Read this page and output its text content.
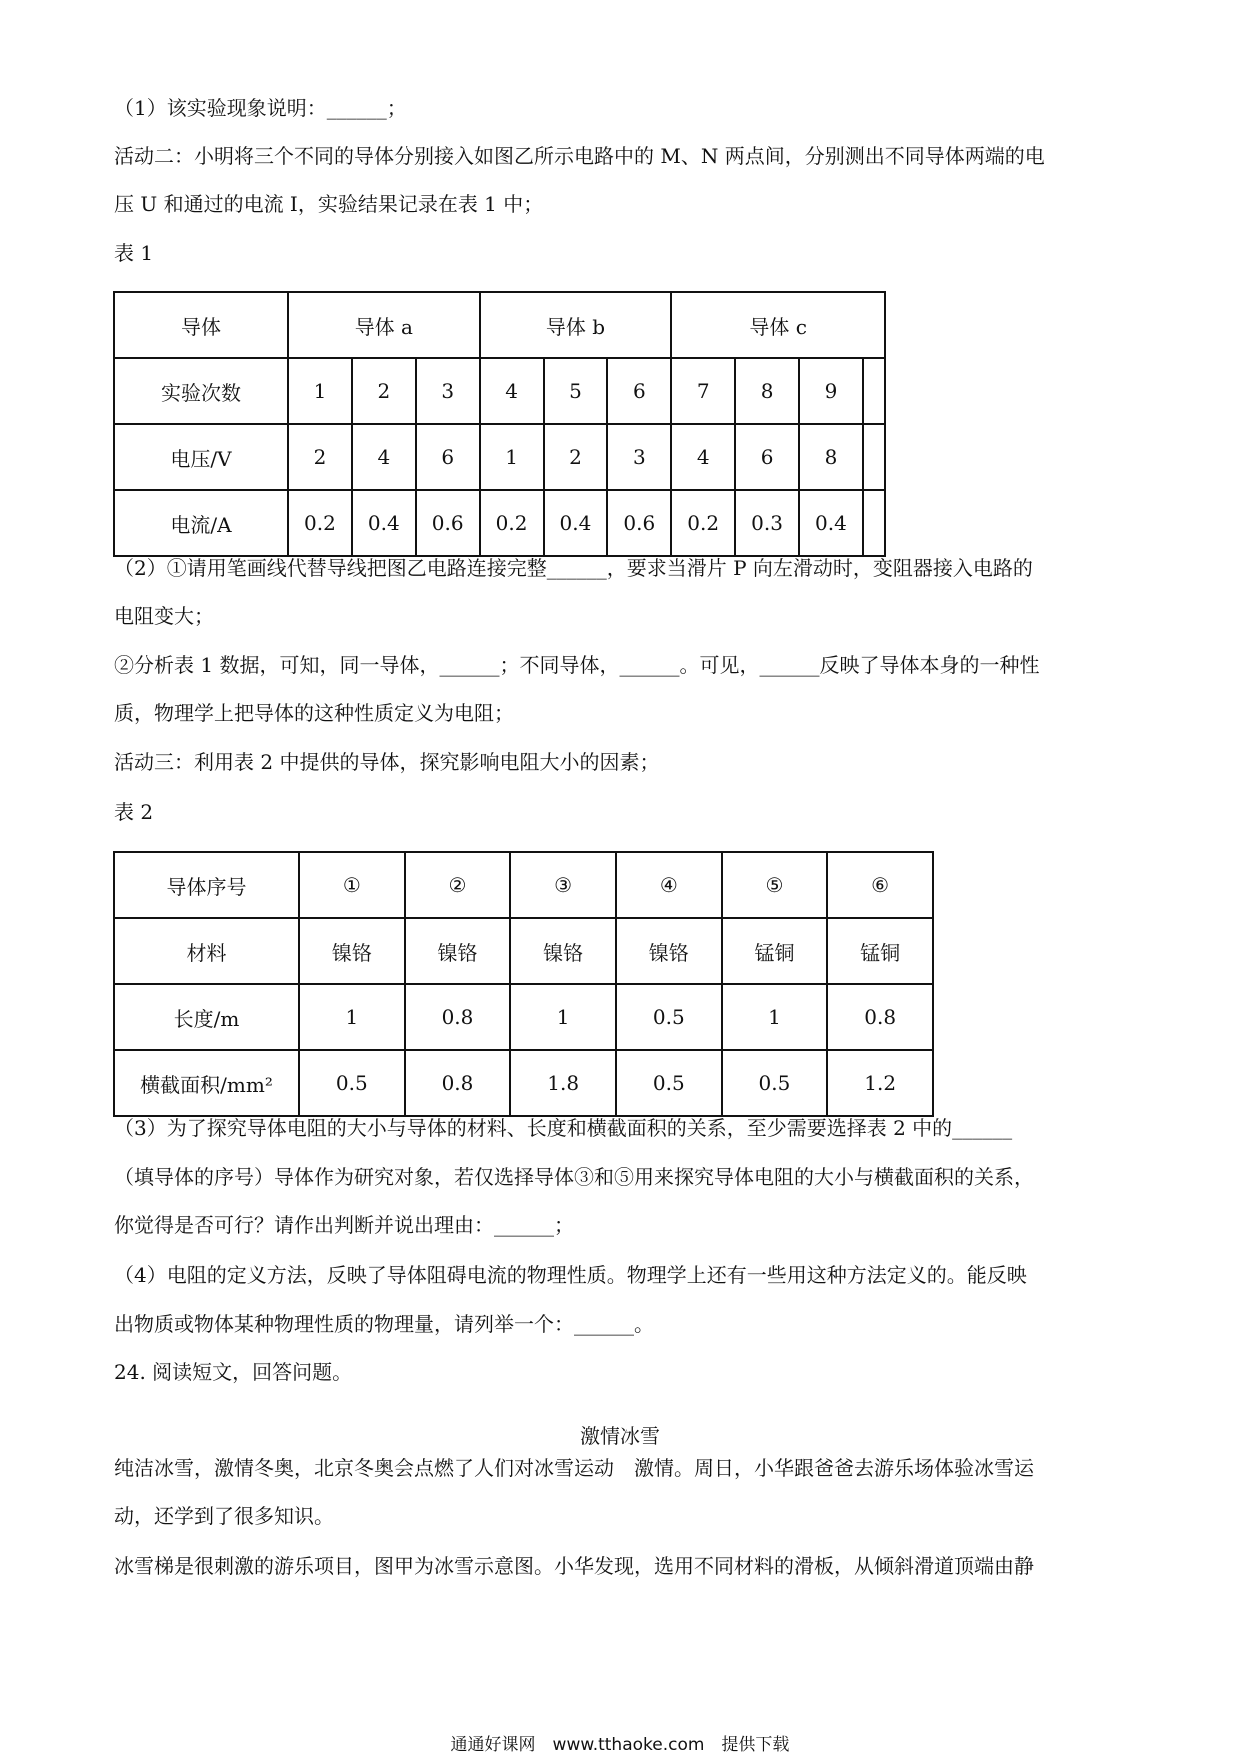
（1）该实验现象说明：______；
活动二：小明将三个不同的导体分别接入如图乙所示电路中的 M、N 两点间，分别测出不同导体两端的电
压 U 和通过的电流 I，实验结果记录在表 1 中；
表 1
导体	导体 a			导体 b			导体 c			
实验次数	1	2	3	4	5	6	7	8	9	
电压/V	2	4	6	1	2	3	4	6	8	
电流/A	0.2	0.4	0.6	0.2	0.4	0.6	0.2	0.3	0.4	
（2）①请用笔画线代替导线把图乙电路连接完整______，要求当滑片 P 向左滑动时，变阻器接入电路的
电阻变大；
②分析表 1 数据，可知，同一导体，______；不同导体，______。可见，______反映了导体本身的一种性
质，物理学上把导体的这种性质定义为电阻；
活动三：利用表 2 中提供的导体，探究影响电阻大小的因素；
表 2
导体序号	①	②	③	④	⑤	⑥
材料	镍铬	镍铬	镍铬	镍铬	锰铜	锰铜
长度/m	1	0.8	1	0.5	1	0.8
横截面积/mm²	0.5	0.8	1.8	0.5	0.5	1.2
（3）为了探究导体电阻的大小与导体的材料、长度和横截面积的关系，至少需要选择表 2 中的______
（填导体的序号）导体作为研究对象，若仅选择导体③和⑤用来探究导体电阻的大小与横截面积的关系，
你觉得是否可行？请作出判断并说出理由：______；
（4）电阻的定义方法，反映了导体阻碍电流的物理性质。物理学上还有一些用这种方法定义的。能反映
出物质或物体某种物理性质的物理量，请列举一个：______。
24. 阅读短文，回答问题。
激情冰雪
纯洁冰雪，激情冬奥，北京冬奥会点燃了人们对冰雪运动　激情。周日，小华跟爸爸去游乐场体验冰雪运
动，还学到了很多知识。
冰雪梯是很刺激的游乐项目，图甲为冰雪示意图。小华发现，选用不同材料的滑板，从倾斜滑道顶端由静
通通好课网　www.tthaoke.com　提供下载
